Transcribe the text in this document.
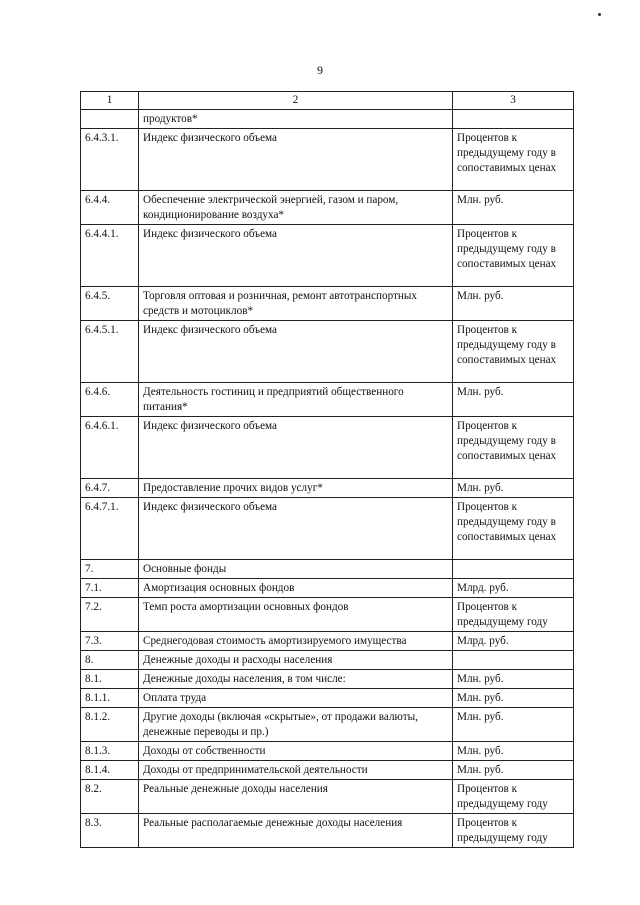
9
1	2	3
	продуктов*	
6.4.3.1.	Индекс физического объема	Процентов к предыдущему году в сопоставимых ценах
6.4.4.	Обеспечение электрической энергией, газом и паром, кондиционирование воздуха*	Млн. руб.
6.4.4.1.	Индекс физического объема	Процентов к предыдущему году в сопоставимых ценах
6.4.5.	Торговля оптовая и розничная, ремонт автотранспортных средств и мотоциклов*	Млн. руб.
6.4.5.1.	Индекс физического объема	Процентов к предыдущему году в сопоставимых ценах
6.4.6.	Деятельность гостиниц и предприятий общественного питания*	Млн. руб.
6.4.6.1.	Индекс физического объема	Процентов к предыдущему году в сопоставимых ценах
6.4.7.	Предоставление прочих видов услуг*	Млн. руб.
6.4.7.1.	Индекс физического объема	Процентов к предыдущему году в сопоставимых ценах
7.	Основные фонды	
7.1.	Амортизация основных фондов	Млрд. руб.
7.2.	Темп роста амортизации основных фондов	Процентов к предыдущему году
7.3.	Среднегодовая стоимость амортизируемого имущества	Млрд. руб.
8.	Денежные доходы и расходы населения	
8.1.	Денежные доходы населения, в том числе:	Млн. руб.
8.1.1.	Оплата труда	Млн. руб.
8.1.2.	Другие доходы (включая «скрытые», от продажи валюты, денежные переводы и пр.)	Млн. руб.
8.1.3.	Доходы от собственности	Млн. руб.
8.1.4.	Доходы от предпринимательской деятельности	Млн. руб.
8.2.	Реальные денежные доходы населения	Процентов к предыдущему году
8.3.	Реальные располагаемые денежные доходы населения	Процентов к предыдущему году
